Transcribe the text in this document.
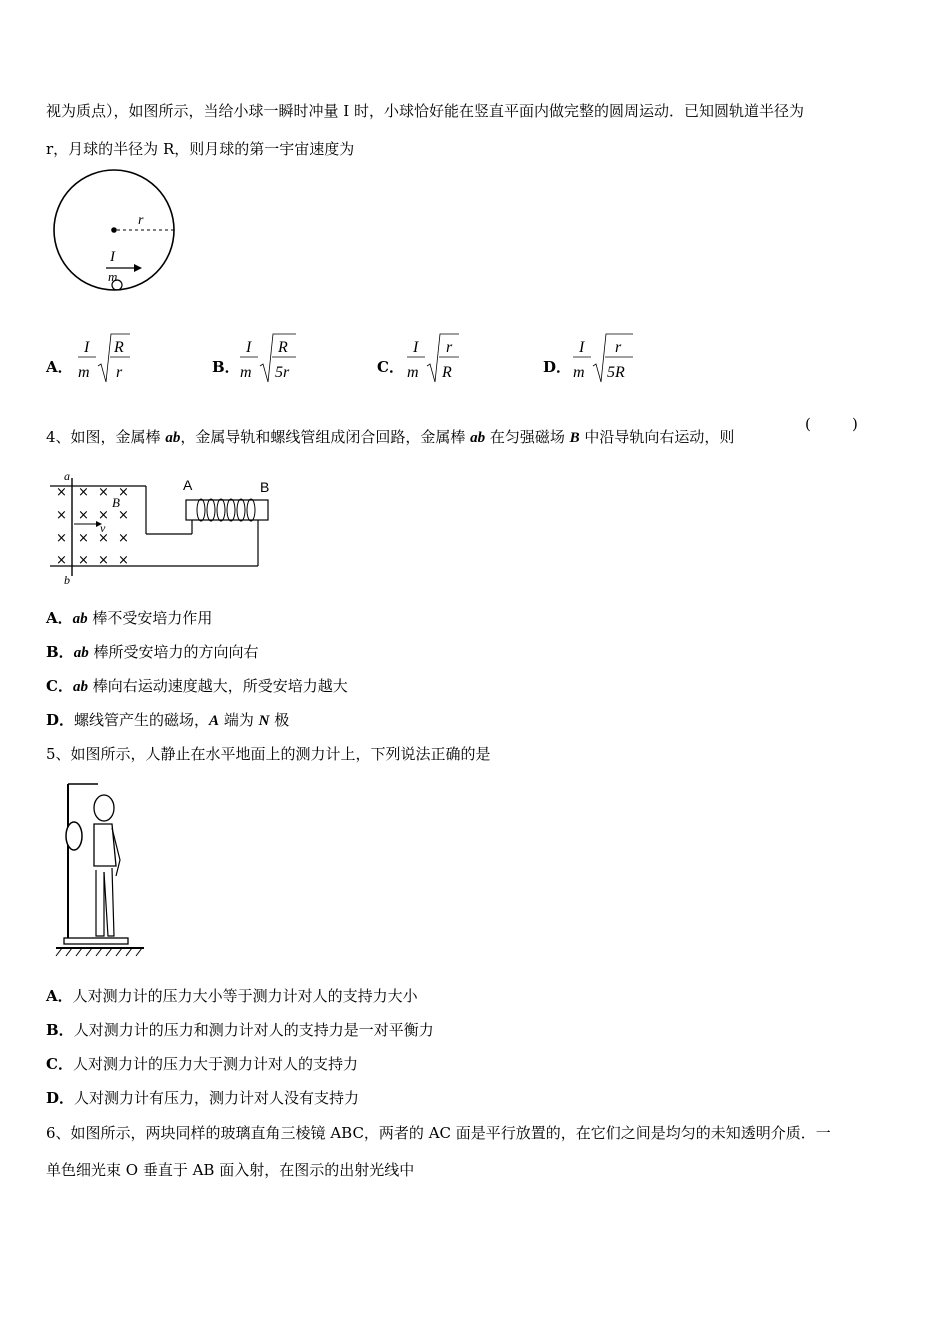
视为质点），如图所示，当给小球一瞬时冲量 I 时，小球恰好能在竖直平面内做完整的圆周运动．已知圆轨道半径为
r，月球的半径为 R，则月球的第一宇宙速度为
r
I
m
A．
I
m
R
r	B．
I
m
R
5r	C．
I
m
r
R	D．
I
m
r
5R
4、如图，金属棒 ab，金属导轨和螺线管组成闭合回路，金属棒 ab 在匀强磁场 B 中沿导轨向右运动，则
(	)
a
b
× × × ×
× × × ×
× × × ×
× × × ×
B
v
A	B
A．ab 棒不受安培力作用
B．ab 棒所受安培力的方向向右
C．ab 棒向右运动速度越大，所受安培力越大
D．螺线管产生的磁场，A 端为 N 极
5、如图所示，人静止在水平地面上的测力计上，下列说法正确的是
A．人对测力计的压力大小等于测力计对人的支持力大小
B．人对测力计的压力和测力计对人的支持力是一对平衡力
C．人对测力计的压力大于测力计对人的支持力
D．人对测力计有压力，测力计对人没有支持力
6、如图所示，两块同样的玻璃直角三棱镜 ABC，两者的 AC 面是平行放置的，在它们之间是均匀的未知透明介质．一
单色细光束 O 垂直于 AB 面入射，在图示的出射光线中
